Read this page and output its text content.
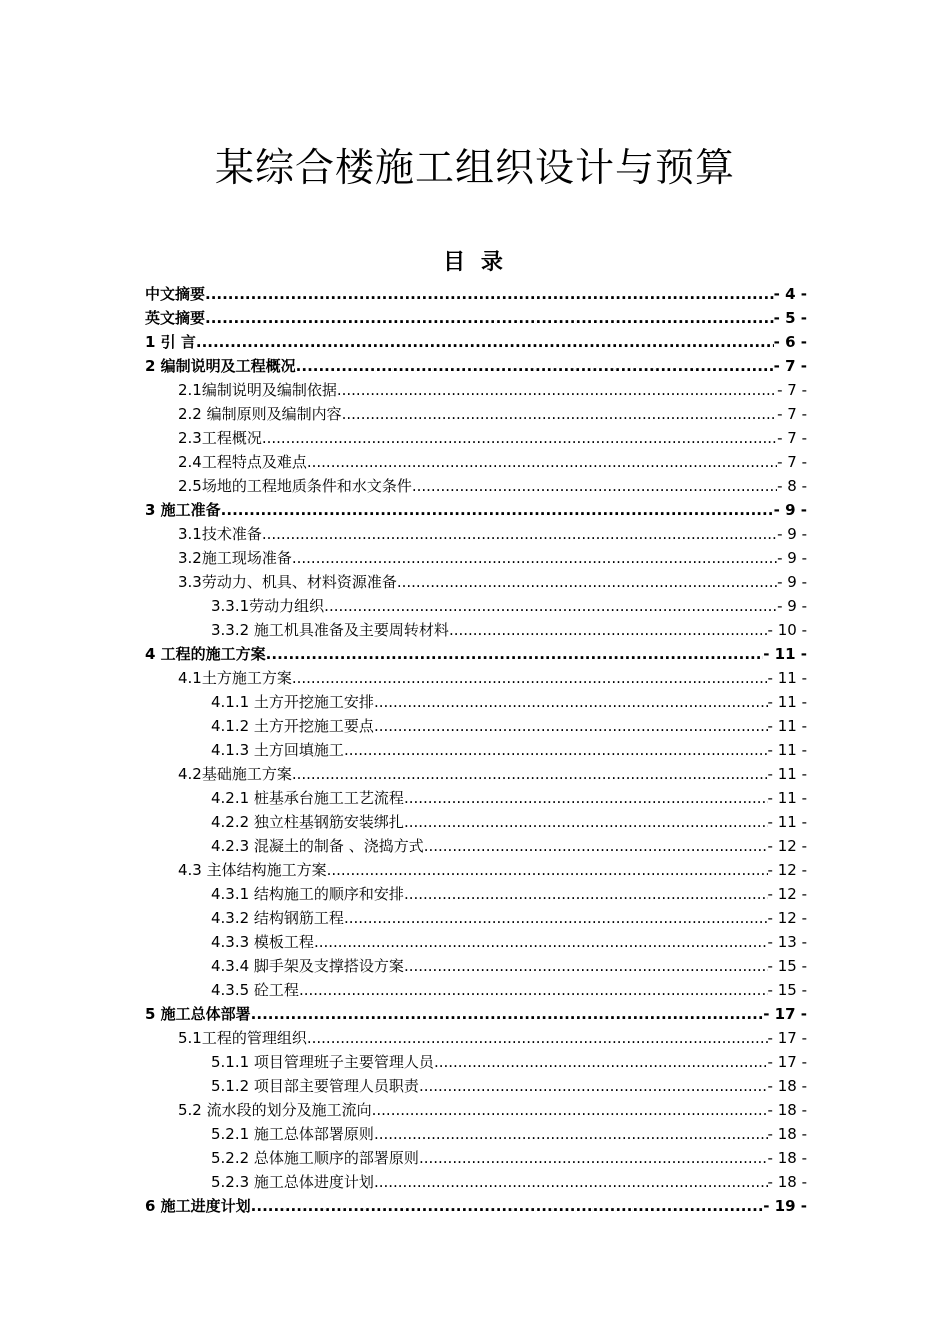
某综合楼施工组织设计与预算
目 录
中文摘要 .....	- 4 -
英文摘要 .....	- 5 -
1 引 言 .....	- 6 -
2 编制说明及工程概况 .....	- 7 -
2.1编制说明及编制依据 .....	- 7 -
2.2 编制原则及编制内容 .....	- 7 -
2.3工程概况 .....	- 7 -
2.4工程特点及难点 .....	- 7 -
2.5场地的工程地质条件和水文条件 .....	- 8 -
3 施工准备 .....	- 9 -
3.1技术准备 .....	- 9 -
3.2施工现场准备 .....	- 9 -
3.3劳动力、机具、材料资源准备 .....	- 9 -
3.3.1劳动力组织 .....	- 9 -
3.3.2 施工机具准备及主要周转材料 .....	- 10 -
4 工程的施工方案 .....	- 11 -
4.1土方施工方案 .....	- 11 -
4.1.1 土方开挖施工安排 .....	- 11 -
4.1.2 土方开挖施工要点 .....	- 11 -
4.1.3 土方回填施工 .....	- 11 -
4.2基础施工方案 .....	- 11 -
4.2.1 桩基承台施工工艺流程 .....	- 11 -
4.2.2 独立柱基钢筋安装绑扎 .....	- 11 -
4.2.3 混凝土的制备 、浇捣方式 .....	- 12 -
4.3 主体结构施工方案 .....	- 12 -
4.3.1 结构施工的顺序和安排 .....	- 12 -
4.3.2 结构钢筋工程 .....	- 12 -
4.3.3 模板工程 .....	- 13 -
4.3.4 脚手架及支撑搭设方案 .....	- 15 -
4.3.5 砼工程 .....	- 15 -
5 施工总体部署 .....	- 17 -
5.1工程的管理组织 .....	- 17 -
5.1.1 项目管理班子主要管理人员 .....	- 17 -
5.1.2 项目部主要管理人员职责 .....	- 18 -
5.2 流水段的划分及施工流向 .....	- 18 -
5.2.1 施工总体部署原则 .....	- 18 -
5.2.2 总体施工顺序的部署原则 .....	- 18 -
5.2.3 施工总体进度计划 .....	- 18 -
6 施工进度计划 .....	- 19 -
